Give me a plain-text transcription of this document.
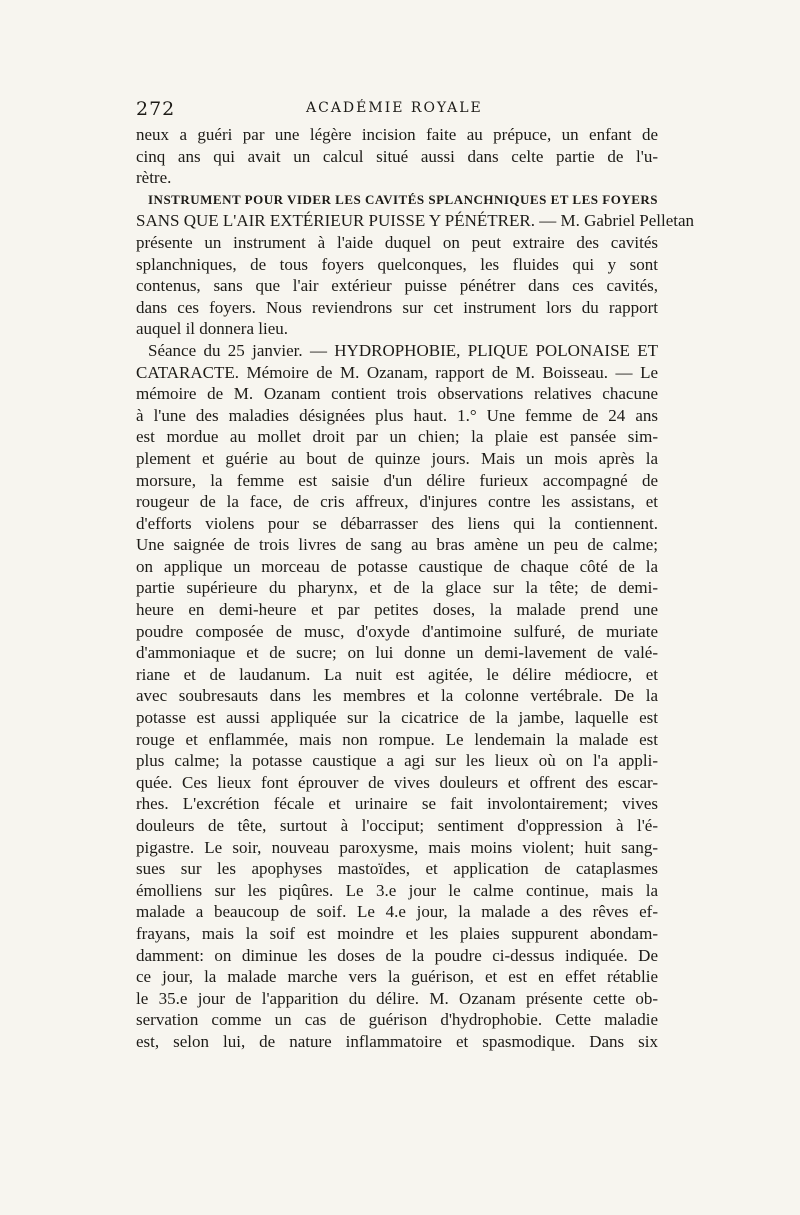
272	ACADÉMIE ROYALE
neux a guéri par une légère incision faite au prépuce, un enfant de
cinq ans qui avait un calcul situé aussi dans celte partie de l'u-
rètre.
INSTRUMENT POUR VIDER LES CAVITÉS SPLANCHNIQUES ET LES FOYERS
SANS QUE L'AIR EXTÉRIEUR PUISSE Y PÉNÉTRER. — M. Gabriel Pelletan
présente un instrument à l'aide duquel on peut extraire des cavités
splanchniques, de tous foyers quelconques, les fluides qui y sont
contenus, sans que l'air extérieur puisse pénétrer dans ces cavités,
dans ces foyers. Nous reviendrons sur cet instrument lors du rapport
auquel il donnera lieu.
Séance du 25 janvier. — HYDROPHOBIE, PLIQUE POLONAISE ET
CATARACTE. Mémoire de M. Ozanam, rapport de M. Boisseau. — Le
mémoire de M. Ozanam contient trois observations relatives chacune
à l'une des maladies désignées plus haut. 1.° Une femme de 24 ans
est mordue au mollet droit par un chien; la plaie est pansée sim-
plement et guérie au bout de quinze jours. Mais un mois après la
morsure, la femme est saisie d'un délire furieux accompagné de
rougeur de la face, de cris affreux, d'injures contre les assistans, et
d'efforts violens pour se débarrasser des liens qui la contiennent.
Une saignée de trois livres de sang au bras amène un peu de calme;
on applique un morceau de potasse caustique de chaque côté de la
partie supérieure du pharynx, et de la glace sur la tête; de demi-
heure en demi-heure et par petites doses, la malade prend une
poudre composée de musc, d'oxyde d'antimoine sulfuré, de muriate
d'ammoniaque et de sucre; on lui donne un demi-lavement de valé-
riane et de laudanum. La nuit est agitée, le délire médiocre, et
avec soubresauts dans les membres et la colonne vertébrale. De la
potasse est aussi appliquée sur la cicatrice de la jambe, laquelle est
rouge et enflammée, mais non rompue. Le lendemain la malade est
plus calme; la potasse caustique a agi sur les lieux où on l'a appli-
quée. Ces lieux font éprouver de vives douleurs et offrent des escar-
rhes. L'excrétion fécale et urinaire se fait involontairement; vives
douleurs de tête, surtout à l'occiput; sentiment d'oppression à l'é-
pigastre. Le soir, nouveau paroxysme, mais moins violent; huit sang-
sues sur les apophyses mastoïdes, et application de cataplasmes
émolliens sur les piqûres. Le 3.e jour le calme continue, mais la
malade a beaucoup de soif. Le 4.e jour, la malade a des rêves ef-
frayans, mais la soif est moindre et les plaies suppurent abondam-
damment: on diminue les doses de la poudre ci-dessus indiquée. De
ce jour, la malade marche vers la guérison, et est en effet rétablie
le 35.e jour de l'apparition du délire. M. Ozanam présente cette ob-
servation comme un cas de guérison d'hydrophobie. Cette maladie
est, selon lui, de nature inflammatoire et spasmodique. Dans six
